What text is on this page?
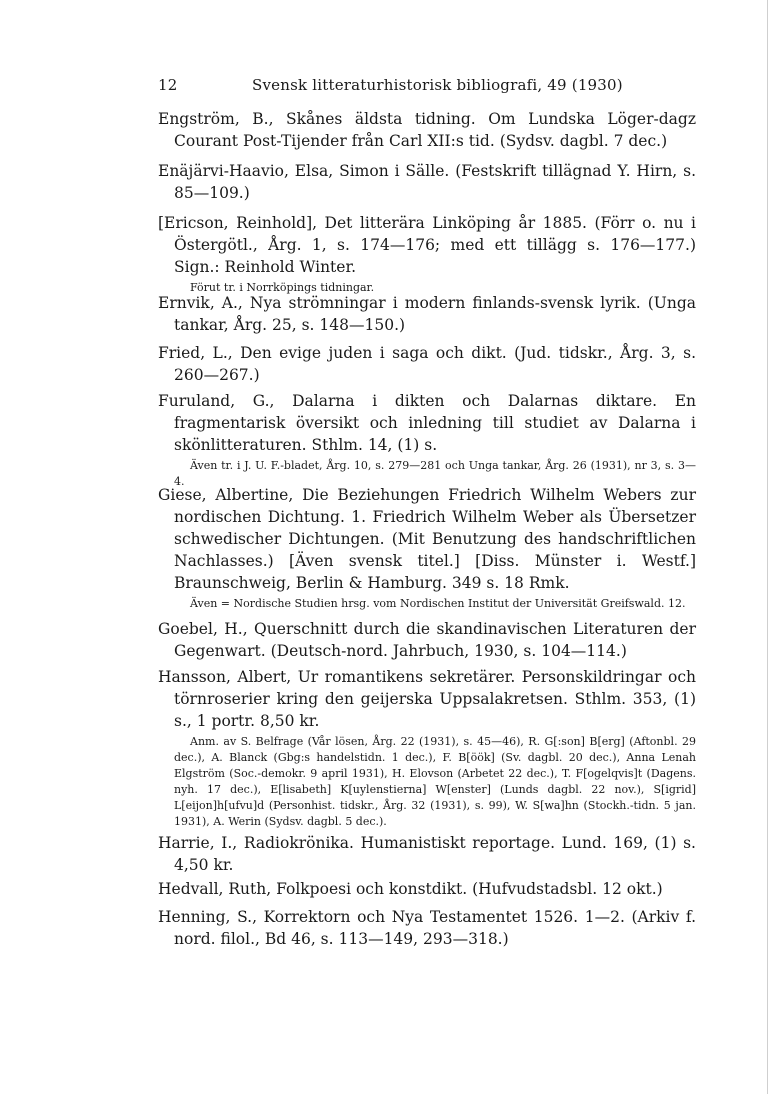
12	Svensk litteraturhistorisk bibliografi, 49 (1930)
Engström, B., Skånes äldsta tidning. Om Lundska Löger-dagz Courant Post-Tijender från Carl XII:s tid. (Sydsv. dagbl. 7 dec.)
Enäjärvi-Haavio, Elsa, Simon i Sälle. (Festskrift tillägnad Y. Hirn, s. 85—109.)
[Ericson, Reinhold], Det litterära Linköping år 1885. (Förr o. nu i Östergötl., Årg. 1, s. 174—176; med ett tillägg s. 176—177.) Sign.: Reinhold Winter.
Förut tr. i Norrköpings tidningar.
Ernvik, A., Nya strömningar i modern finlands-svensk lyrik. (Unga tankar, Årg. 25, s. 148—150.)
Fried, L., Den evige juden i saga och dikt. (Jud. tidskr., Årg. 3, s. 260—267.)
Furuland, G., Dalarna i dikten och Dalarnas diktare. En fragmentarisk översikt och inledning till studiet av Dalarna i skönlitteraturen. Sthlm. 14, (1) s.
Även tr. i J. U. F.-bladet, Årg. 10, s. 279—281 och Unga tankar, Årg. 26 (1931), nr 3, s. 3—4.
Giese, Albertine, Die Beziehungen Friedrich Wilhelm Webers zur nordischen Dichtung. 1. Friedrich Wilhelm Weber als Übersetzer schwedischer Dichtungen. (Mit Benutzung des handschriftlichen Nachlasses.) [Även svensk titel.] [Diss. Münster i. Westf.] Braunschweig, Berlin & Hamburg. 349 s. 18 Rmk.
Även = Nordische Studien hrsg. vom Nordischen Institut der Universität Greifswald. 12.
Goebel, H., Querschnitt durch die skandinavischen Literaturen der Gegenwart. (Deutsch-nord. Jahrbuch, 1930, s. 104—114.)
Hansson, Albert, Ur romantikens sekretärer. Personskildringar och törnroserier kring den geijerska Uppsalakretsen. Sthlm. 353, (1) s., 1 portr. 8,50 kr.
Anm. av S. Belfrage (Vår lösen, Årg. 22 (1931), s. 45—46), R. G[:son] B[erg] (Aftonbl. 29 dec.), A. Blanck (Gbg:s handelstidn. 1 dec.), F. B[öök] (Sv. dagbl. 20 dec.), Anna Lenah Elgström (Soc.-demokr. 9 april 1931), H. Elovson (Arbetet 22 dec.), T. F[ogelqvis]t (Dagens. nyh. 17 dec.), E[lisabeth] K[uylenstierna] W[enster] (Lunds dagbl. 22 nov.), S[igrid] L[eijon]h[ufvu]d (Personhist. tidskr., Årg. 32 (1931), s. 99), W. S[wa]hn (Stockh.-tidn. 5 jan. 1931), A. Werin (Sydsv. dagbl. 5 dec.).
Harrie, I., Radiokrönika. Humanistiskt reportage. Lund. 169, (1) s. 4,50 kr.
Hedvall, Ruth, Folkpoesi och konstdikt. (Hufvudstadsbl. 12 okt.)
Henning, S., Korrektorn och Nya Testamentet 1526. 1—2. (Arkiv f. nord. filol., Bd 46, s. 113—149, 293—318.)
